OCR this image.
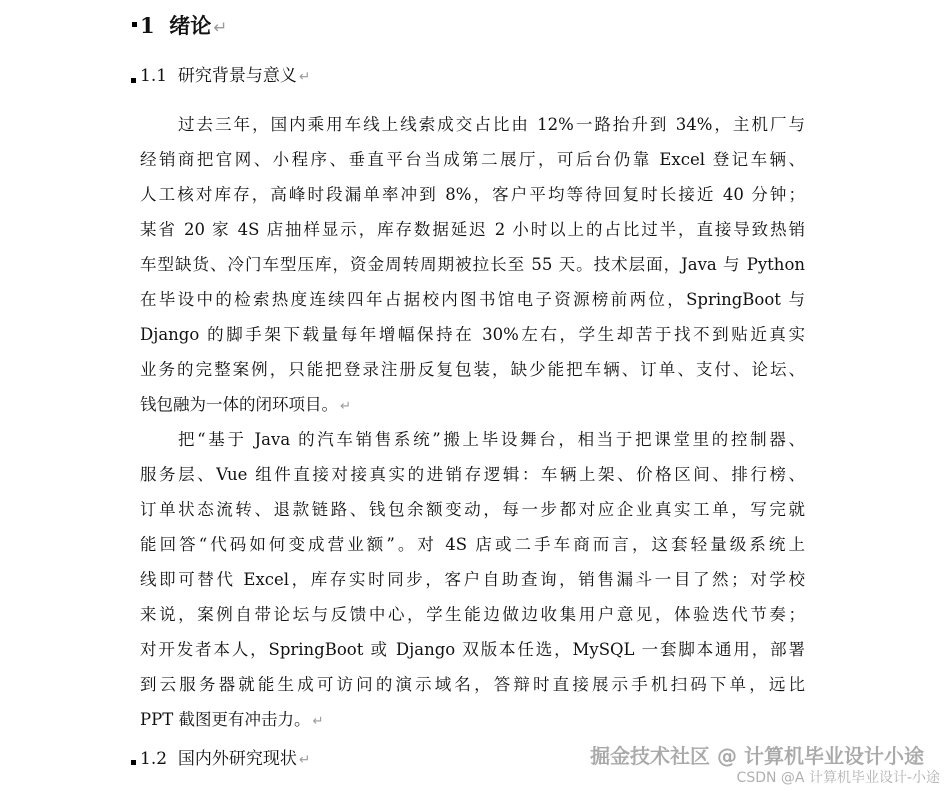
1 绪论 ↵
1.1 研究背景与意义 ↵
过去三年，国内乘用车线上线索成交占比由 12%一路抬升到 34%，主机厂与
经销商把官网、小程序、垂直平台当成第二展厅，可后台仍靠 Excel 登记车辆、
人工核对库存，高峰时段漏单率冲到 8%，客户平均等待回复时长接近 40 分钟；
某省 20 家 4S 店抽样显示，库存数据延迟 2 小时以上的占比过半，直接导致热销
车型缺货、冷门车型压库，资金周转周期被拉长至 55 天。技术层面，Java 与 Python
在毕设中的检索热度连续四年占据校内图书馆电子资源榜前两位，SpringBoot 与
Django 的脚手架下载量每年增幅保持在 30%左右，学生却苦于找不到贴近真实
业务的完整案例，只能把登录注册反复包装，缺少能把车辆、订单、支付、论坛、
钱包融为一体的闭环项目。 ↵
把“基于 Java 的汽车销售系统”搬上毕设舞台，相当于把课堂里的控制器、
服务层、Vue 组件直接对接真实的进销存逻辑：车辆上架、价格区间、排行榜、
订单状态流转、退款链路、钱包余额变动，每一步都对应企业真实工单，写完就
能回答“代码如何变成营业额”。对 4S 店或二手车商而言，这套轻量级系统上
线即可替代 Excel，库存实时同步，客户自助查询，销售漏斗一目了然；对学校
来说，案例自带论坛与反馈中心，学生能边做边收集用户意见，体验迭代节奏；
对开发者本人，SpringBoot 或 Django 双版本任选，MySQL 一套脚本通用，部署
到云服务器就能生成可访问的演示域名，答辩时直接展示手机扫码下单，远比
PPT 截图更有冲击力。 ↵
1.2 国内外研究现状 ↵	掘金技术社区 @ 计算机毕业设计小途
CSDN @A 计算机毕业设计-小途
